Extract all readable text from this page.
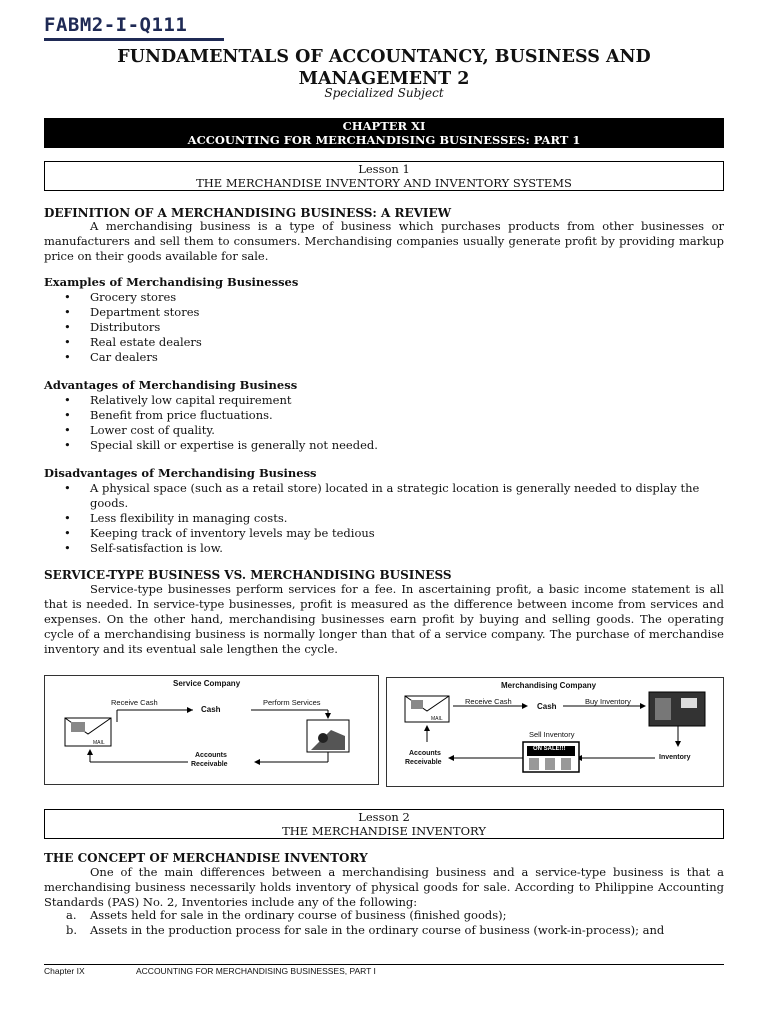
FABM2-I-Q111
FUNDAMENTALS OF ACCOUNTANCY, BUSINESS AND
MANAGEMENT 2
Specialized Subject
CHAPTER XI
ACCOUNTING FOR MERCHANDISING BUSINESSES: PART 1
Lesson 1
THE MERCHANDISE INVENTORY AND INVENTORY SYSTEMS
DEFINITION OF A MERCHANDISING BUSINESS: A REVIEW
A merchandising business is a type of business which purchases products from other businesses or manufacturers and sell them to consumers. Merchandising companies usually generate profit by providing markup price on their goods available for sale.
Examples of Merchandising Businesses
• Grocery stores
• Department stores
• Distributors
• Real estate dealers
• Car dealers
Advantages of Merchandising Business
• Relatively low capital requirement
• Benefit from price fluctuations.
• Lower cost of quality.
• Special skill or expertise is generally not needed.
Disadvantages of Merchandising Business
• A physical space (such as a retail store) located in a strategic location is generally needed to display the goods.
• Less flexibility in managing costs.
• Keeping track of inventory levels may be tedious
• Self-satisfaction is low.
SERVICE-TYPE BUSINESS VS. MERCHANDISING BUSINESS
Service-type businesses perform services for a fee. In ascertaining profit, a basic income statement is all that is needed. In service-type businesses, profit is measured as the difference between income from services and expenses. On the other hand, merchandising businesses earn profit by buying and selling goods. The operating cycle of a merchandising business is normally longer than that of a service company. The purchase of merchandise inventory and its eventual sale lengthen the cycle.
Service Company
Receive Cash
Cash
Perform Services
MAIL
Accounts
Receivable
Merchandising Company
Receive Cash
Cash
Buy Inventory
Sell Inventory
Inventory
MAIL
ON SALE!!!
Accounts
Receivable
Lesson 2
THE MERCHANDISE INVENTORY
THE CONCEPT OF MERCHANDISE INVENTORY
One of the main differences between a merchandising business and a service-type business is that a merchandising business necessarily holds inventory of physical goods for sale. According to Philippine Accounting Standards (PAS) No. 2, Inventories include any of the following:
a. Assets held for sale in the ordinary course of business (finished goods);
b. Assets in the production process for sale in the ordinary course of business (work-in-process); and
Chapter IX	ACCOUNTING FOR MERCHANDISING BUSINESSES, PART I
